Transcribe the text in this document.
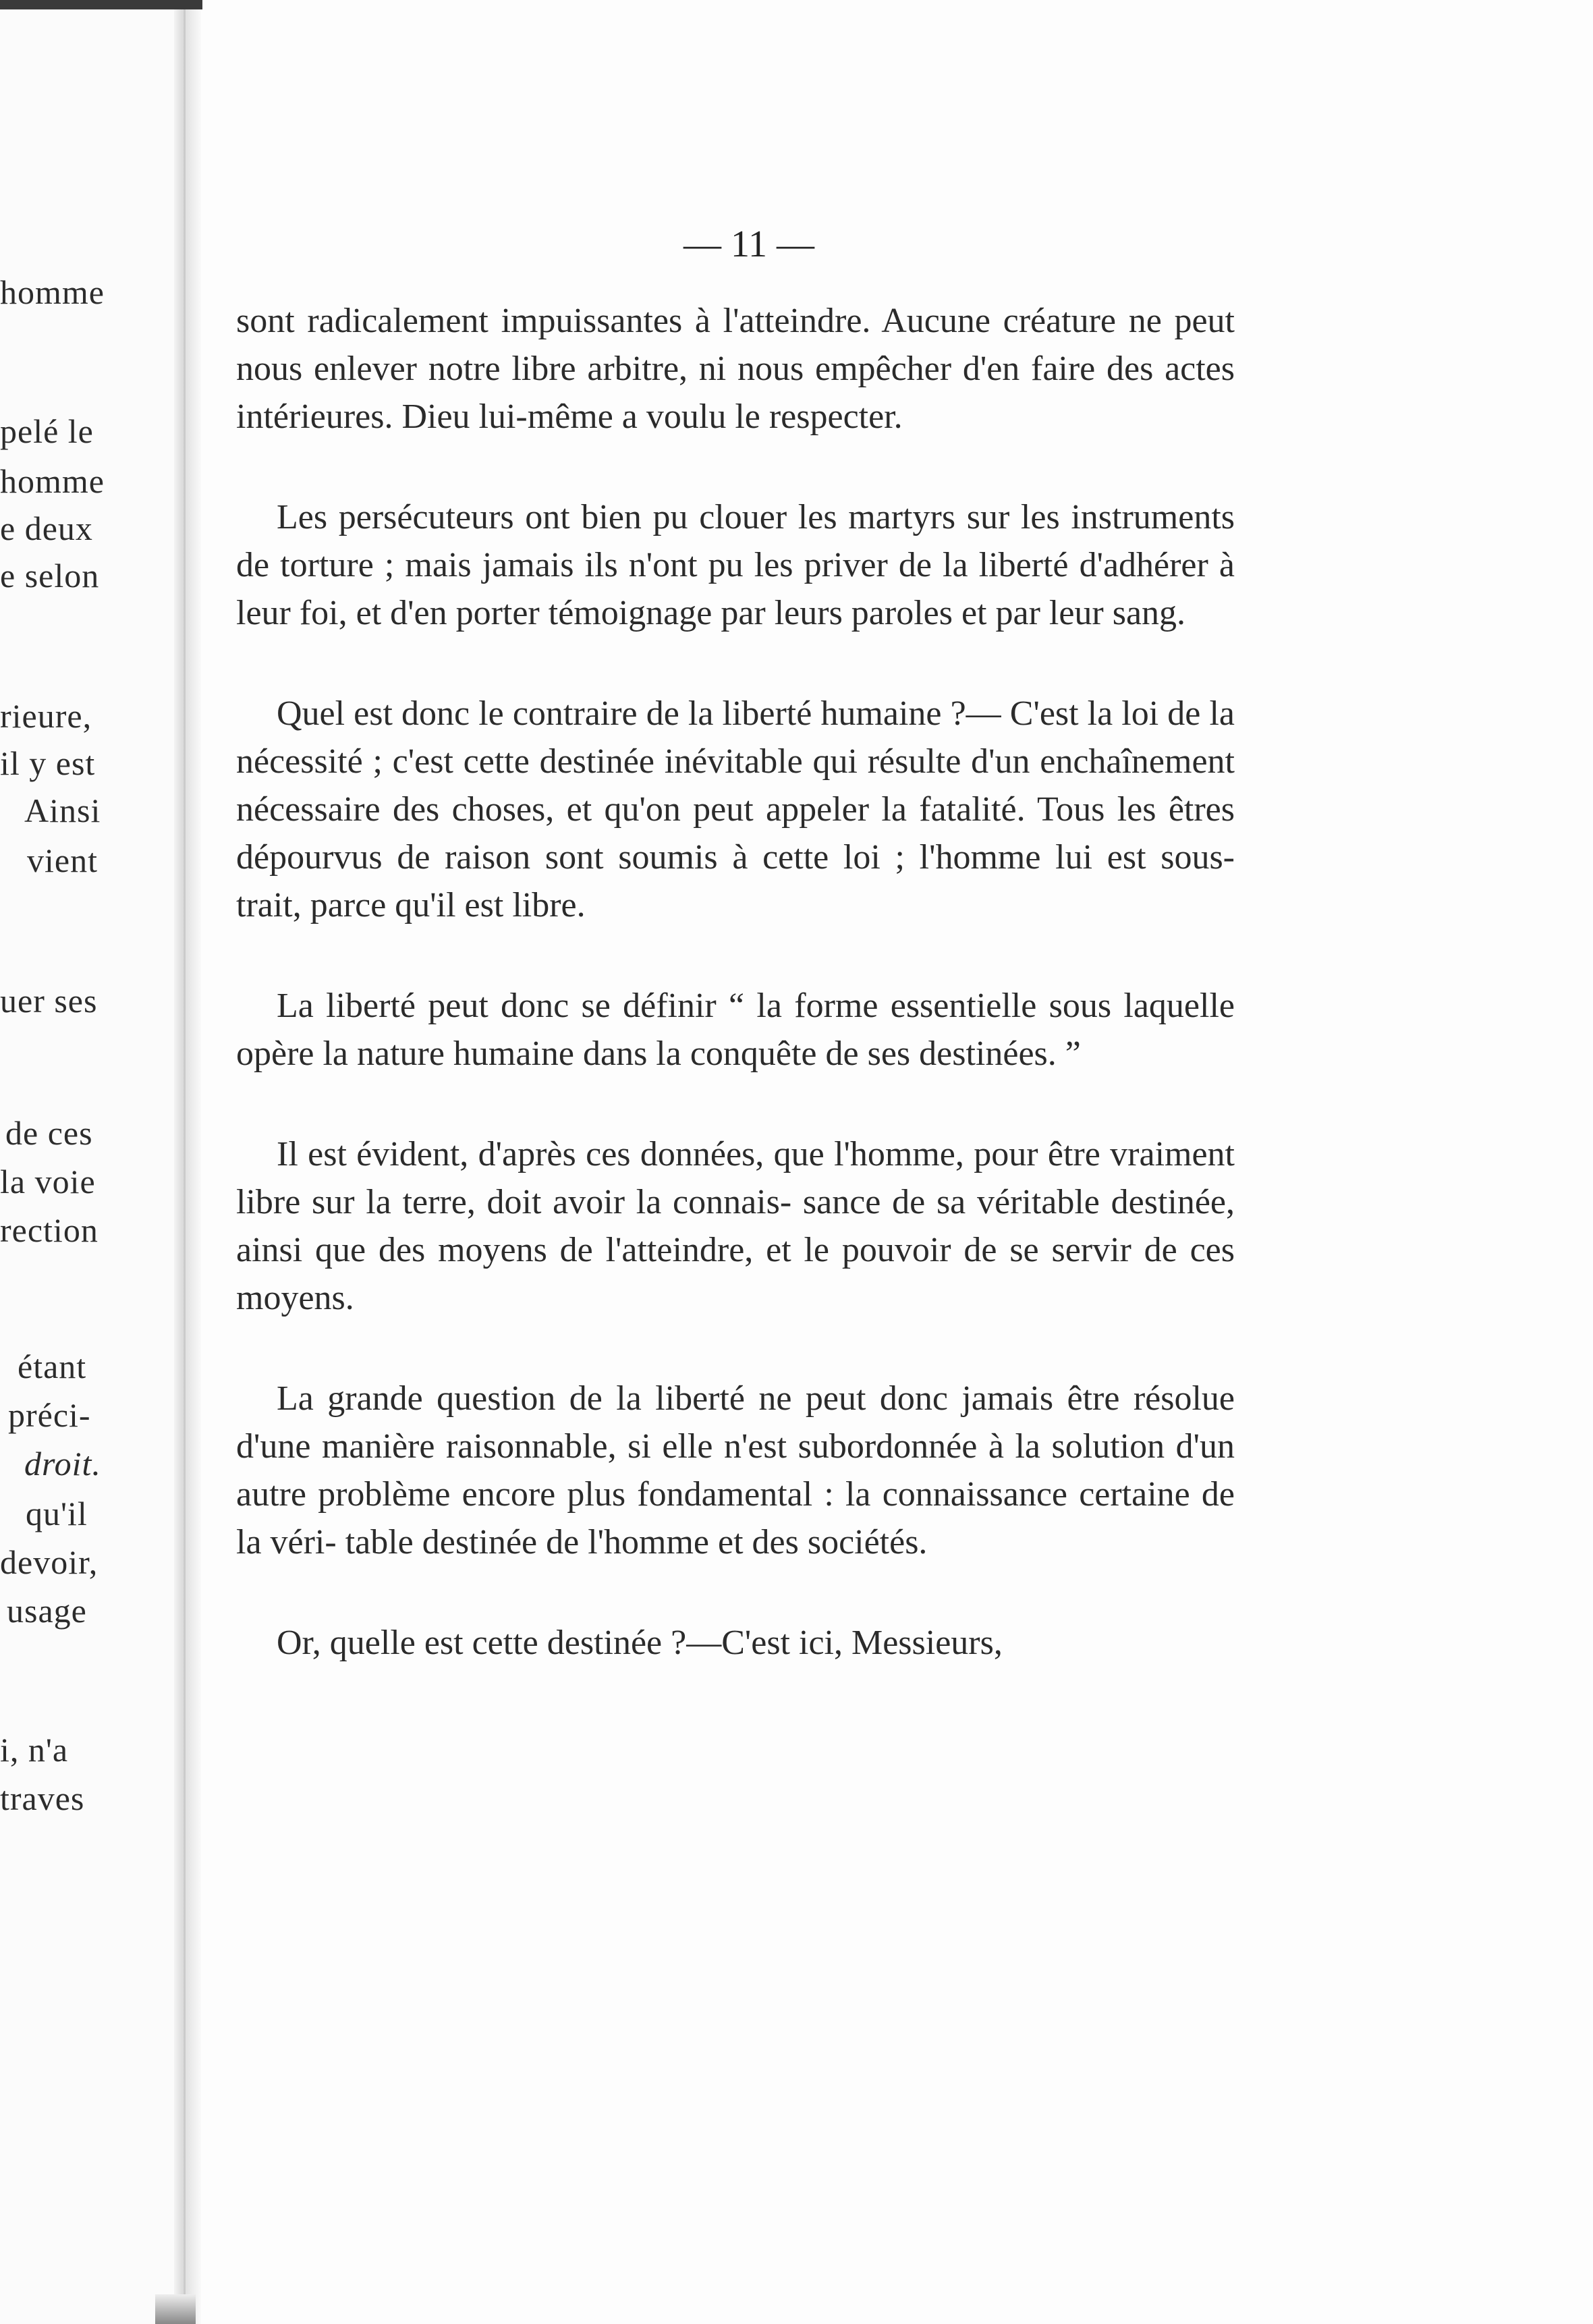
homme
pelé le
homme
e deux
e selon
rieure,
il y est
Ainsi
vient
uer ses
de ces
la voie
rection
étant
préci-
droit.
qu'il
devoir,
usage
i, n'a
traves
— 11 —

sont radicalement impuissantes à l'atteindre. Aucune créature ne peut nous enlever notre libre arbitre, ni nous empêcher d'en faire des actes intérieures. Dieu lui-même a voulu le respecter.

Les persécuteurs ont bien pu clouer les martyrs sur les instruments de torture ; mais jamais ils n'ont pu les priver de la liberté d'adhérer à leur foi, et d'en porter témoignage par leurs paroles et par leur sang.

Quel est donc le contraire de la liberté humaine ?— C'est la loi de la nécessité ; c'est cette destinée inévitable qui résulte d'un enchaînement nécessaire des choses, et qu'on peut appeler la fatalité. Tous les êtres dépourvus de raison sont soumis à cette loi ; l'homme lui est sous- trait, parce qu'il est libre.

La liberté peut donc se définir “ la forme essentielle sous laquelle opère la nature humaine dans la conquête de ses destinées. ”

Il est évident, d'après ces données, que l'homme, pour être vraiment libre sur la terre, doit avoir la connais- sance de sa véritable destinée, ainsi que des moyens de l'atteindre, et le pouvoir de se servir de ces moyens.

La grande question de la liberté ne peut donc jamais être résolue d'une manière raisonnable, si elle n'est subordonnée à la solution d'un autre problème encore plus fondamental : la connaissance certaine de la véri- table destinée de l'homme et des sociétés.

Or, quelle est cette destinée ?—C'est ici, Messieurs,
